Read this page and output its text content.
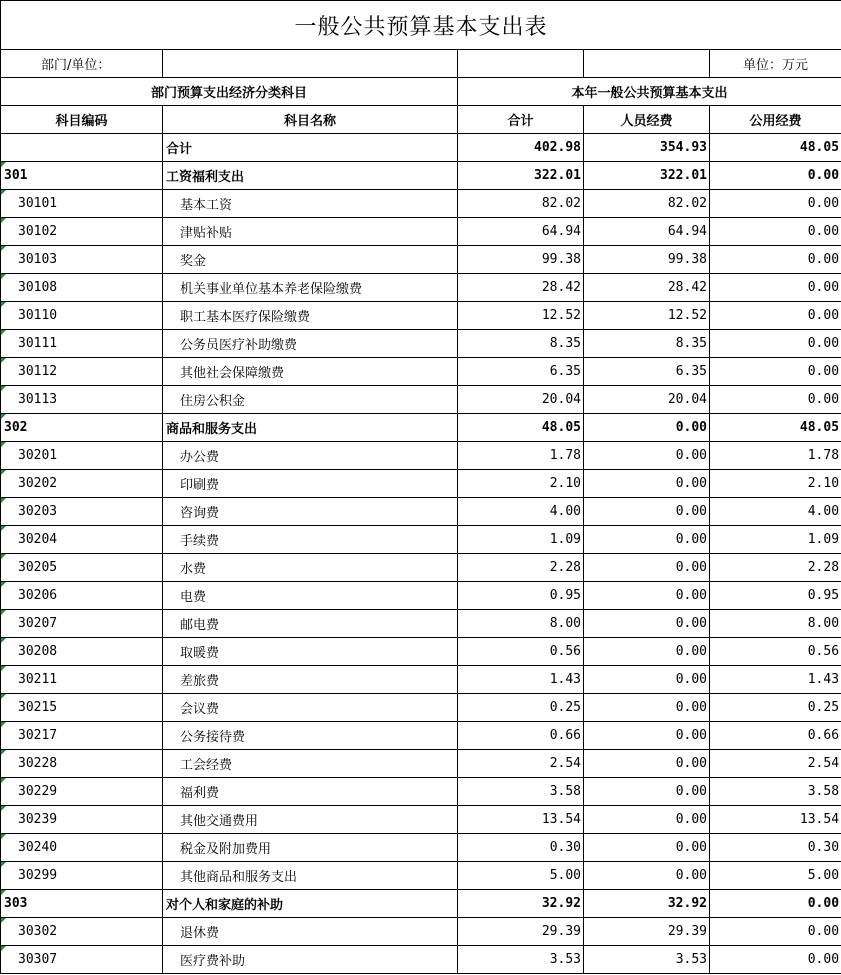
一般公共预算基本支出表				
部门/单位：				单位：万元
部门预算支出经济分类科目		本年一般公共预算基本支出		
科目编码	科目名称	合计	人员经费	公用经费
	合计	402.98	354.93	48.05
301	工资福利支出	322.01	322.01	0.00
30101	基本工资	82.02	82.02	0.00
30102	津贴补贴	64.94	64.94	0.00
30103	奖金	99.38	99.38	0.00
30108	机关事业单位基本养老保险缴费	28.42	28.42	0.00
30110	职工基本医疗保险缴费	12.52	12.52	0.00
30111	公务员医疗补助缴费	8.35	8.35	0.00
30112	其他社会保障缴费	6.35	6.35	0.00
30113	住房公积金	20.04	20.04	0.00
302	商品和服务支出	48.05	0.00	48.05
30201	办公费	1.78	0.00	1.78
30202	印刷费	2.10	0.00	2.10
30203	咨询费	4.00	0.00	4.00
30204	手续费	1.09	0.00	1.09
30205	水费	2.28	0.00	2.28
30206	电费	0.95	0.00	0.95
30207	邮电费	8.00	0.00	8.00
30208	取暖费	0.56	0.00	0.56
30211	差旅费	1.43	0.00	1.43
30215	会议费	0.25	0.00	0.25
30217	公务接待费	0.66	0.00	0.66
30228	工会经费	2.54	0.00	2.54
30229	福利费	3.58	0.00	3.58
30239	其他交通费用	13.54	0.00	13.54
30240	税金及附加费用	0.30	0.00	0.30
30299	其他商品和服务支出	5.00	0.00	5.00
303	对个人和家庭的补助	32.92	32.92	0.00
30302	退休费	29.39	29.39	0.00
30307	医疗费补助	3.53	3.53	0.00
